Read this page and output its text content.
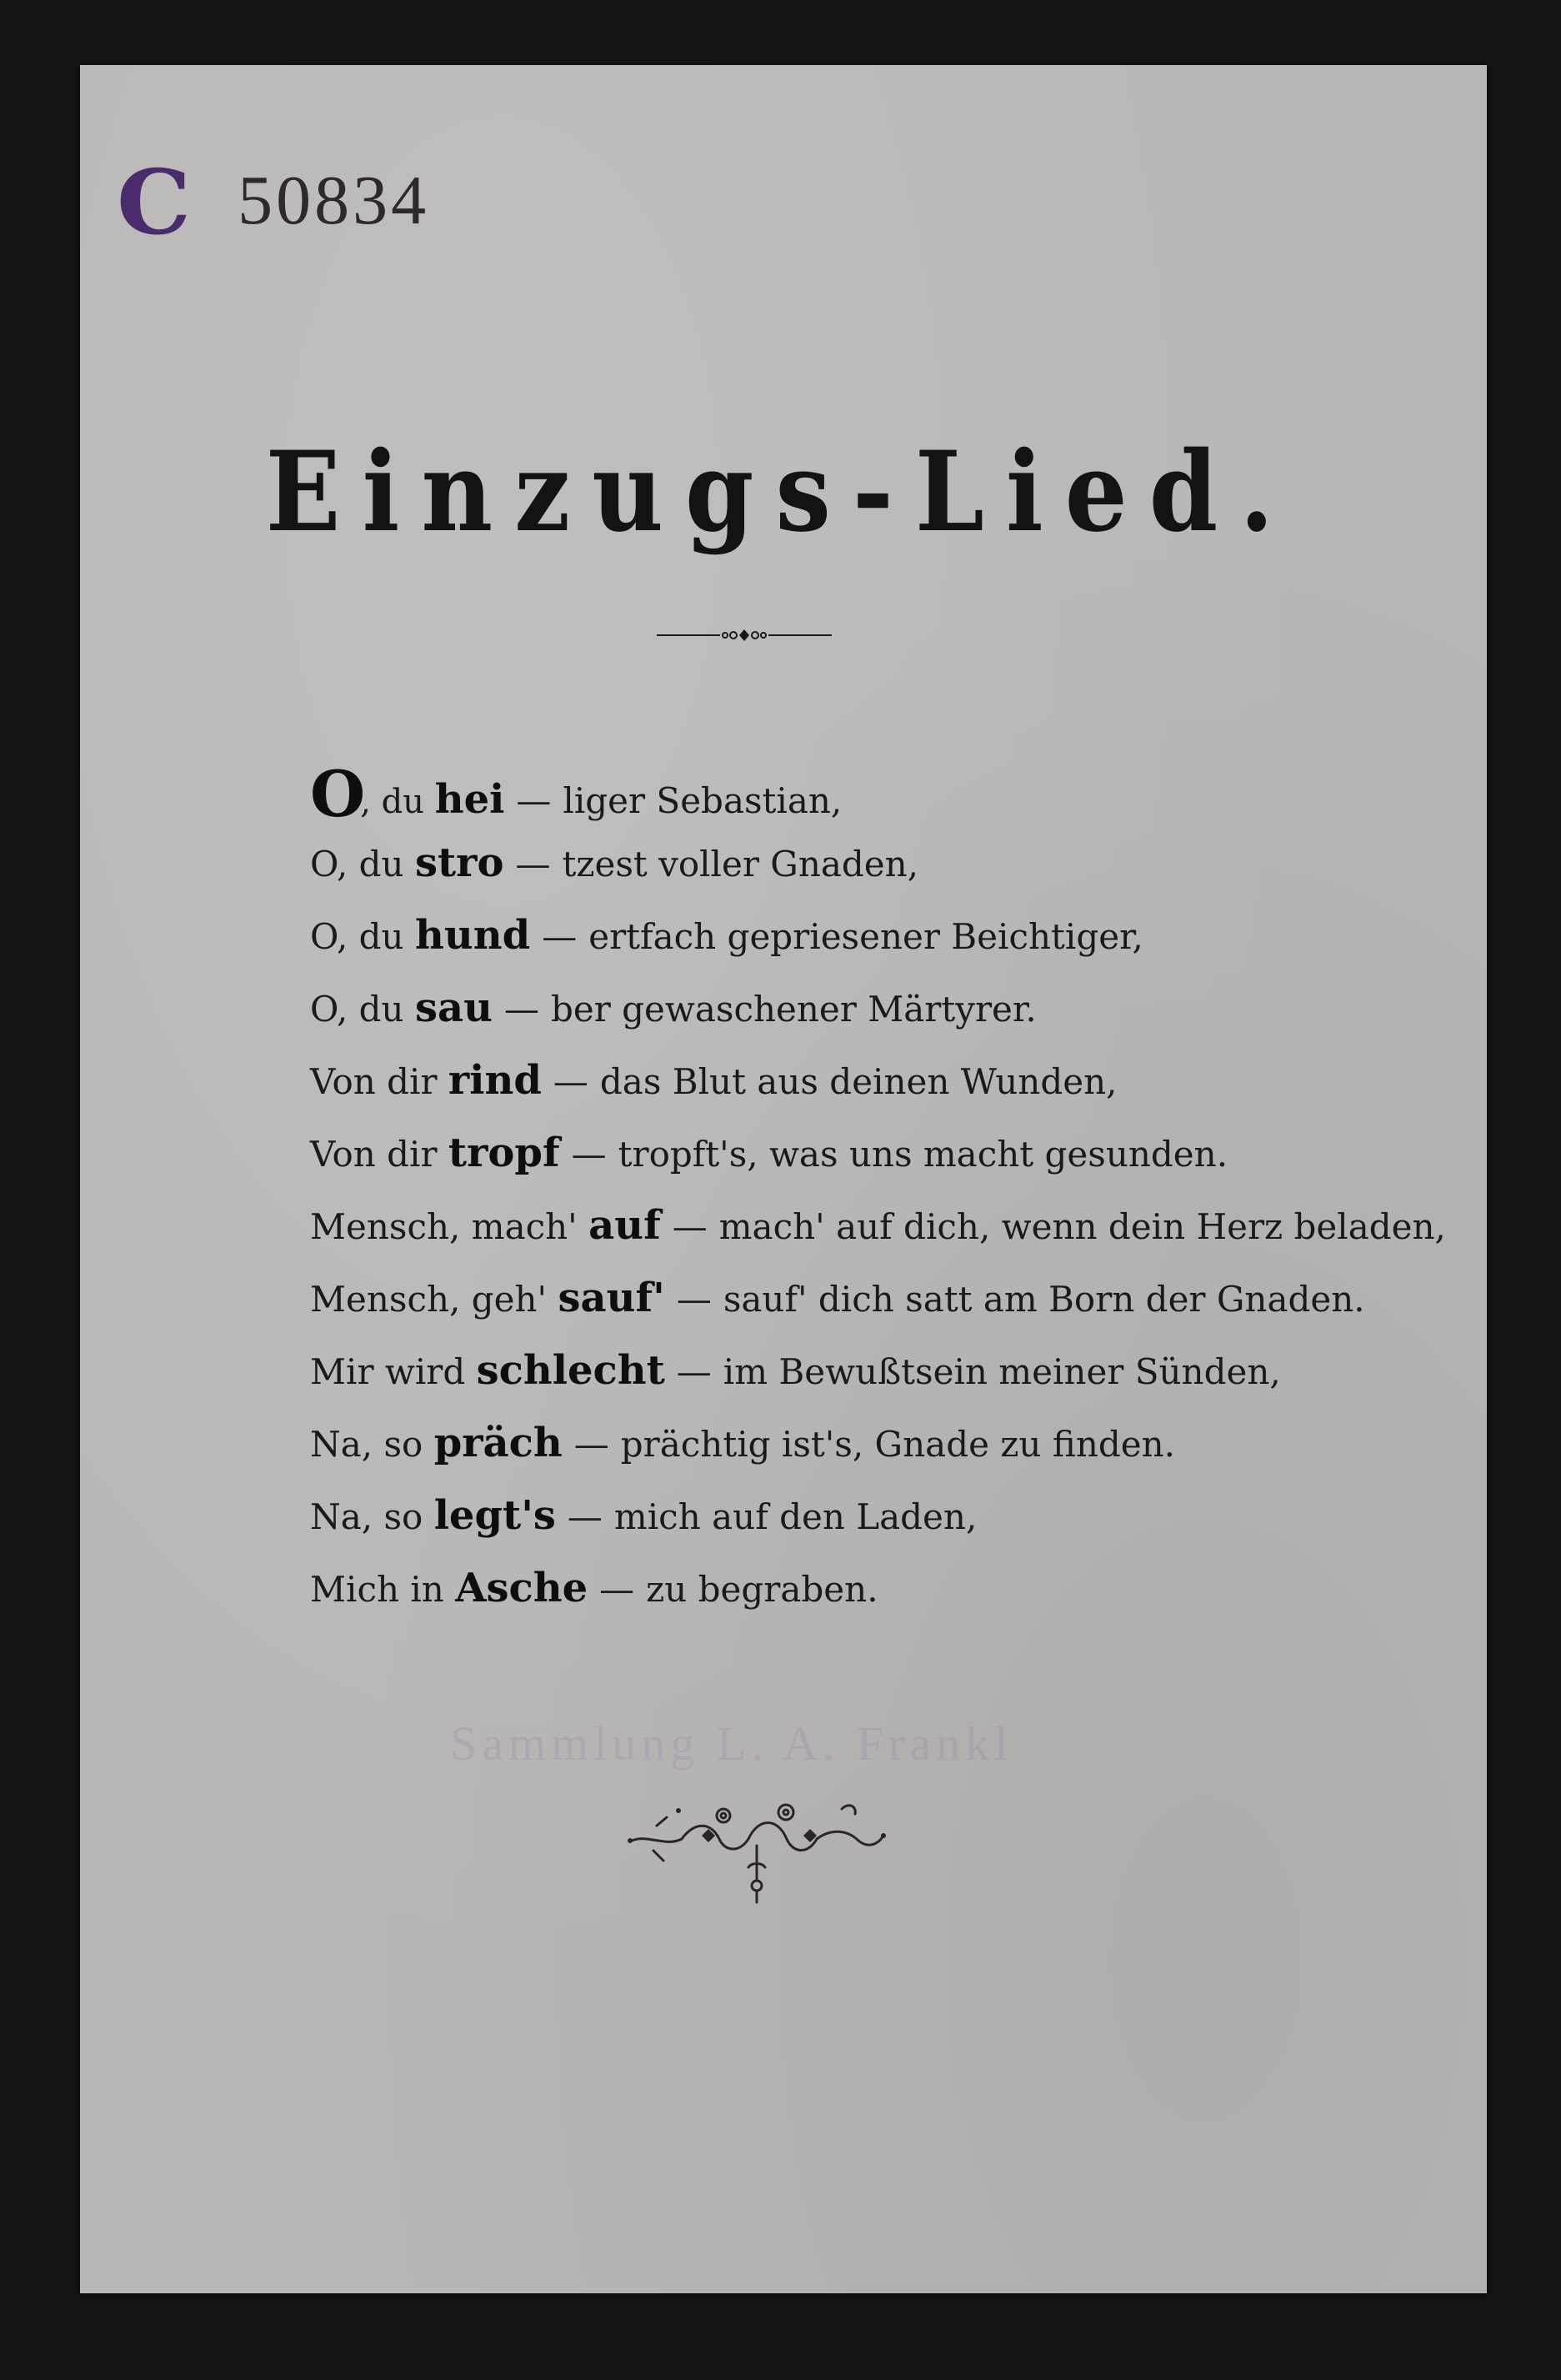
C 50834
Einzugs-Lied.
O, du hei — liger Sebastian,
O, du stro — tzest voller Gnaden,
O, du hund — ertfach gepriesener Beichtiger,
O, du sau — ber gewaschener Märtyrer.
Von dir rind — das Blut aus deinen Wunden,
Von dir tropf — tropft's, was uns macht gesunden.
Mensch, mach' auf — mach' auf dich, wenn dein Herz beladen,
Mensch, geh' sauf' — sauf' dich satt am Born der Gnaden.
Mir wird schlecht — im Bewußtsein meiner Sünden,
Na, so präch — prächtig ist's, Gnade zu finden.
Na, so legt's — mich auf den Laden,
Mich in Asche — zu begraben.
Sammlung L. A. Frankl
